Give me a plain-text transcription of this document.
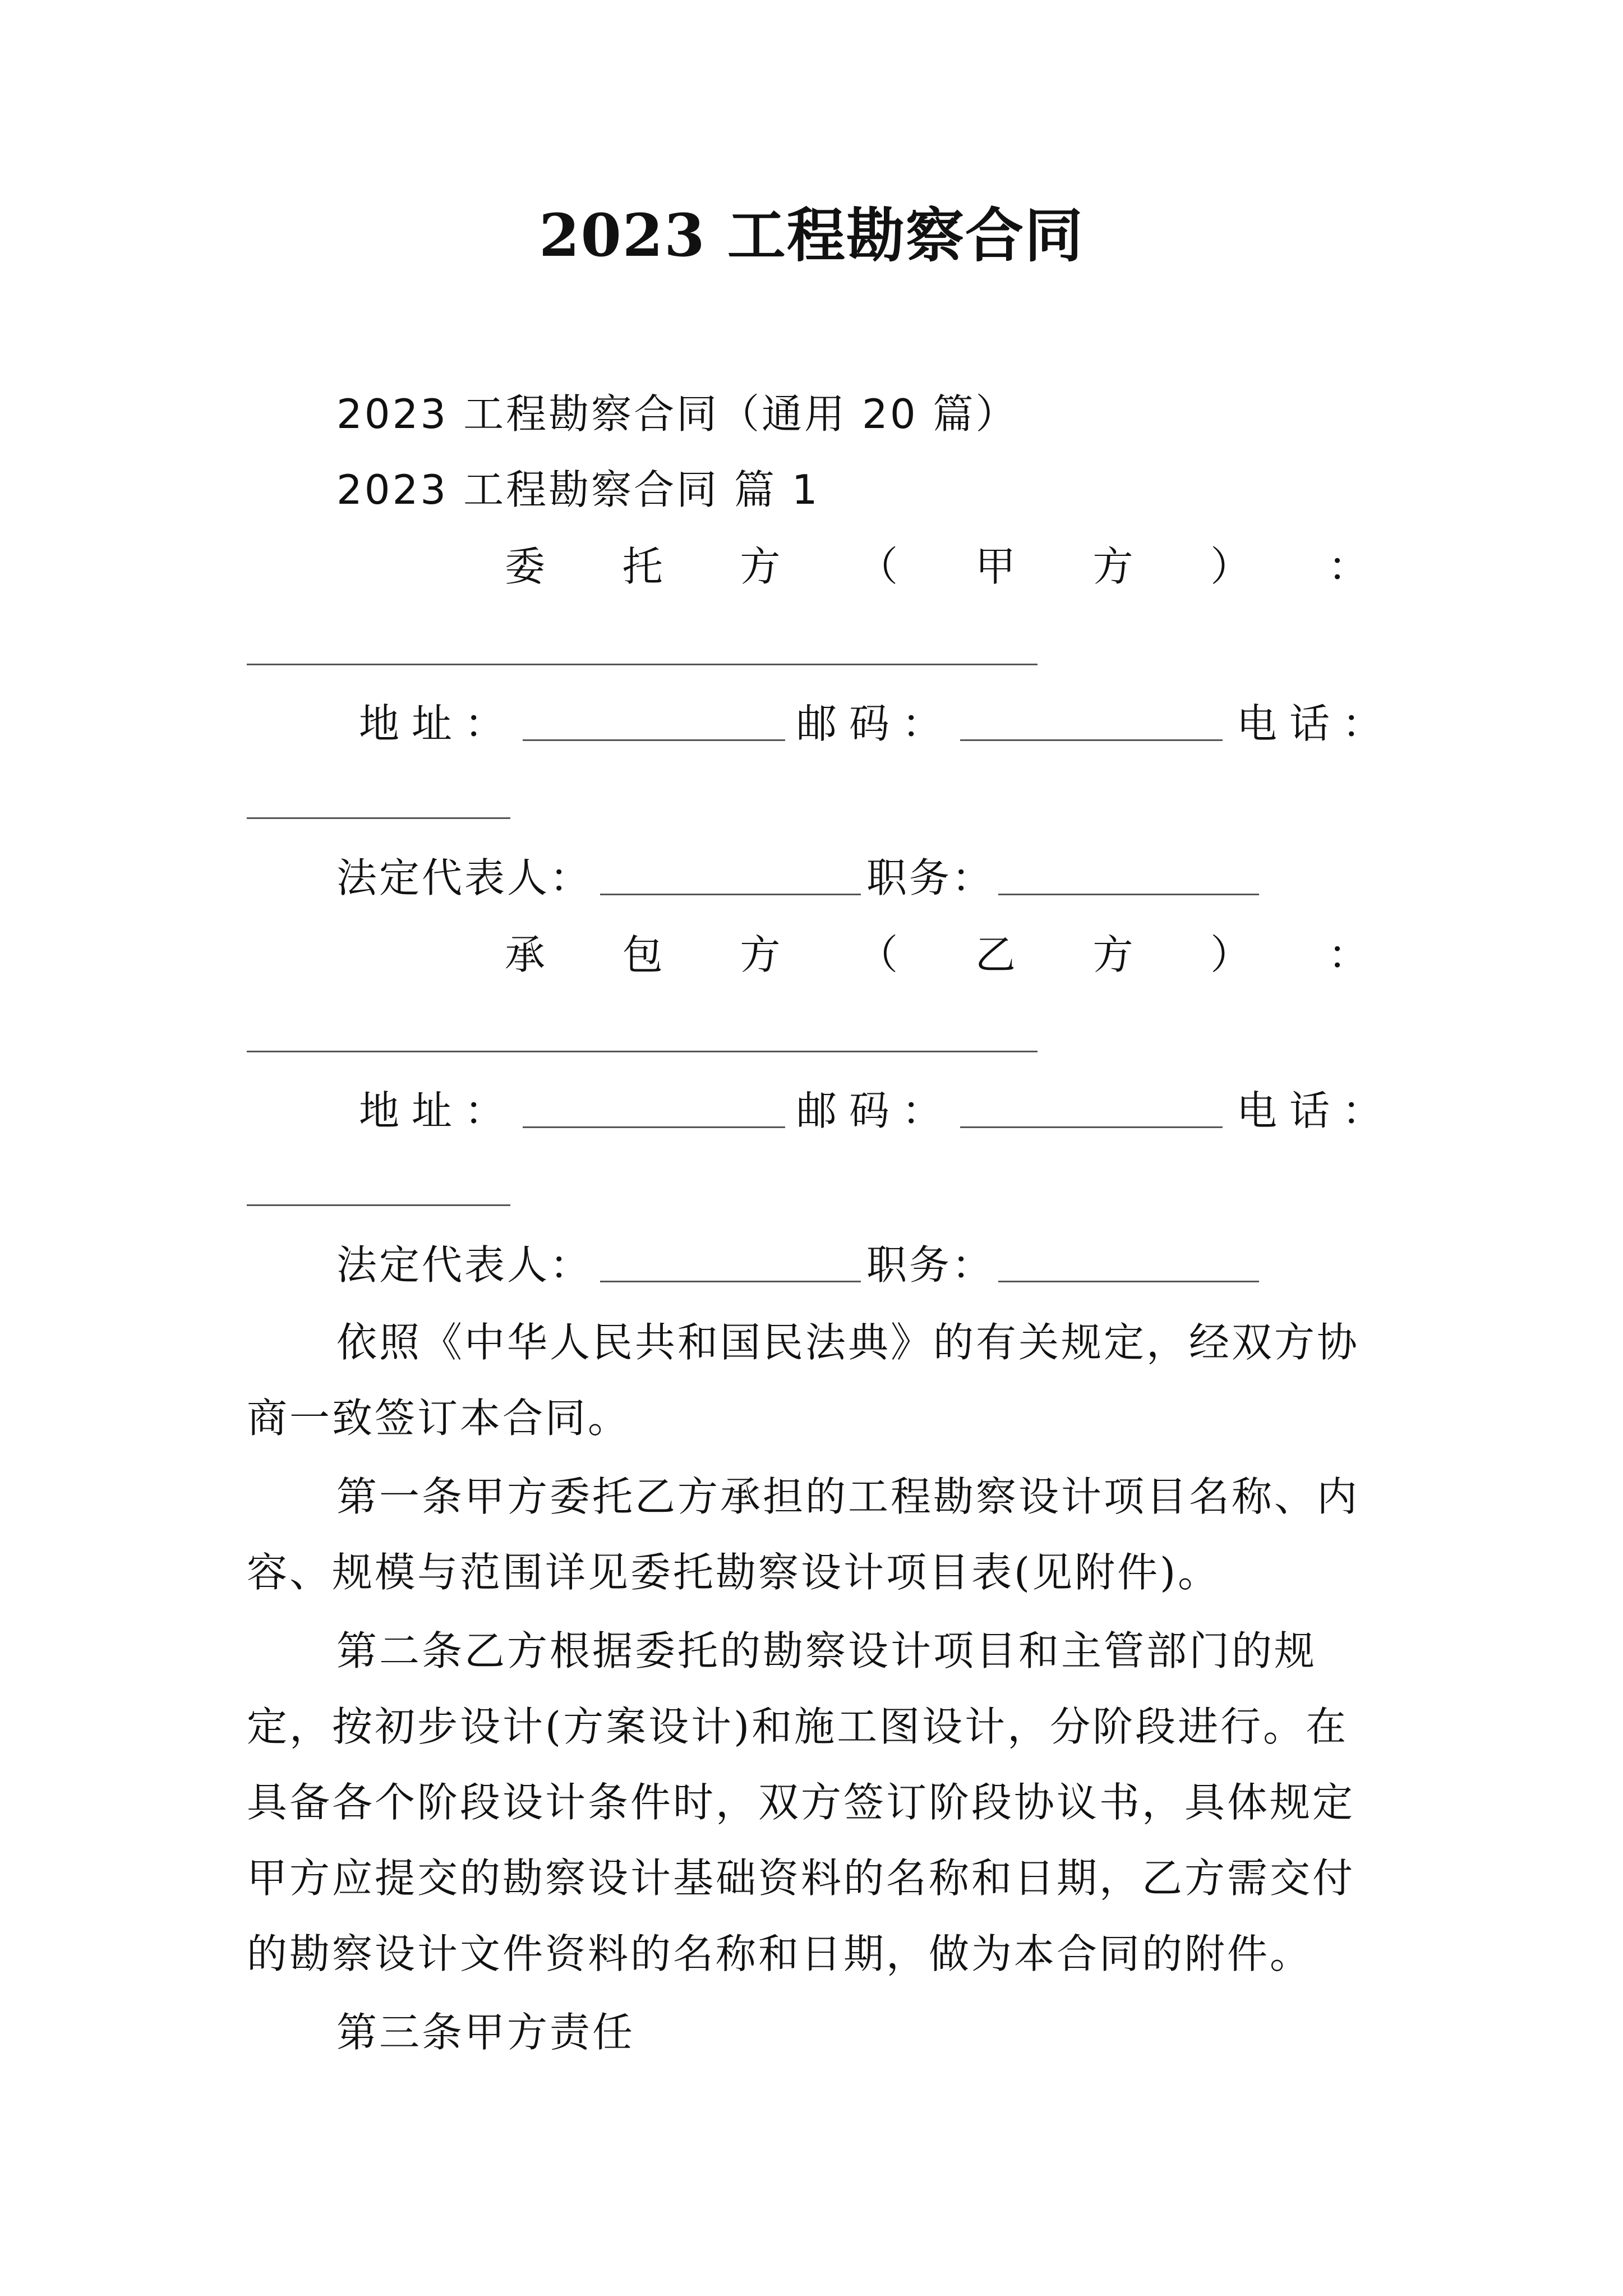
2023 工程勘察合同
2023 工程勘察合同（通用 20 篇）
2023 工程勘察合同 篇 1
委 托 方 （ 甲 方 ） ：
地址：	邮码：	电话：
法定代表人：	职务：
承 包 方 （ 乙 方 ） ：
地址：	邮码：	电话：
法定代表人：	职务：
依照《中华人民共和国民法典》的有关规定，经双方协
商一致签订本合同。
第一条甲方委托乙方承担的工程勘察设计项目名称、内
容、规模与范围详见委托勘察设计项目表(见附件)。
第二条乙方根据委托的勘察设计项目和主管部门的规
定，按初步设计(方案设计)和施工图设计，分阶段进行。在
具备各个阶段设计条件时，双方签订阶段协议书，具体规定
甲方应提交的勘察设计基础资料的名称和日期，乙方需交付
的勘察设计文件资料的名称和日期，做为本合同的附件。
第三条甲方责任
